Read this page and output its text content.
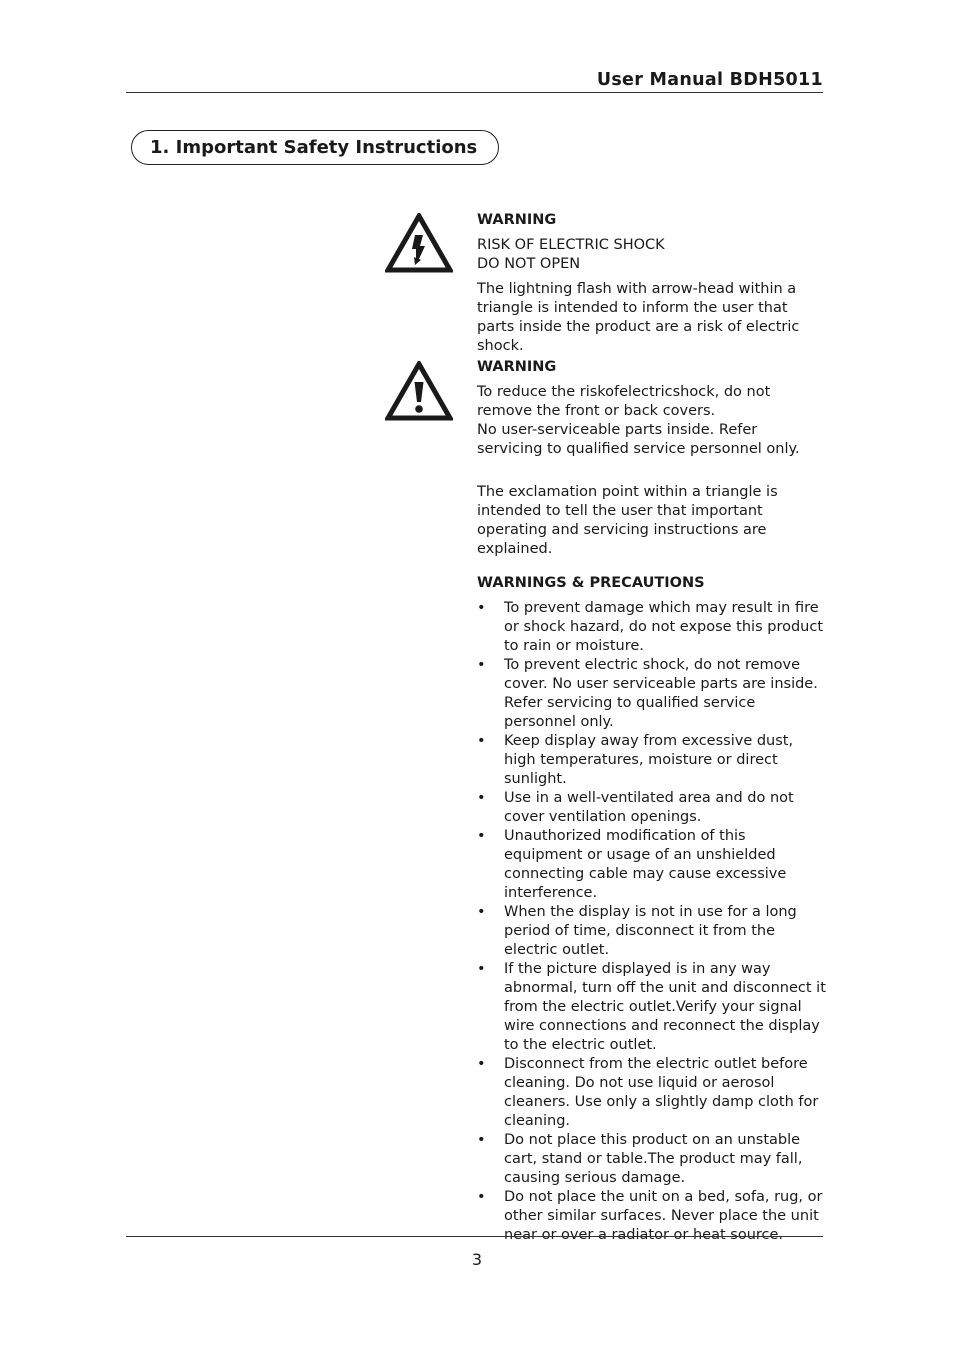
User Manual BDH5011
1. Important Safety Instructions

WARNING

RISK OF ELECTRIC SHOCK

DO NOT OPEN

The lightning flash with arrow-head within a triangle is intended to inform the user that parts inside the product are a risk of electric shock.

WARNING

To reduce the riskofelectricshock, do not remove the front or back covers.

No user-serviceable parts inside. Refer servicing to qualified service personnel only.

The exclamation point within a triangle is intended to tell the user that important operating and servicing instructions are explained.

WARNINGS & PRECAUTIONS

• To prevent damage which may result in fire or shock hazard, do not expose this product to rain or moisture.
• To prevent electric shock, do not remove cover. No user serviceable parts are inside. Refer servicing to qualified service personnel only.
• Keep display away from excessive dust, high temperatures, moisture or direct sunlight.
• Use in a well-ventilated area and do not cover ventilation openings.
• Unauthorized modification of this equipment or usage of an unshielded connecting cable may cause excessive interference.
• When the display is not in use for a long period of time, disconnect it from the electric outlet.
• If the picture displayed is in any way abnormal, turn off the unit and disconnect it from the electric outlet.Verify your signal wire connections and reconnect the display to the electric outlet.
• Disconnect from the electric outlet before cleaning. Do not use liquid or aerosol cleaners. Use only a slightly damp cloth for cleaning.
• Do not place this product on an unstable cart, stand or table.The product may fall, causing serious damage.
• Do not place the unit on a bed, sofa, rug, or other similar surfaces. Never place the unit near or over a radiator or heat source.
3
